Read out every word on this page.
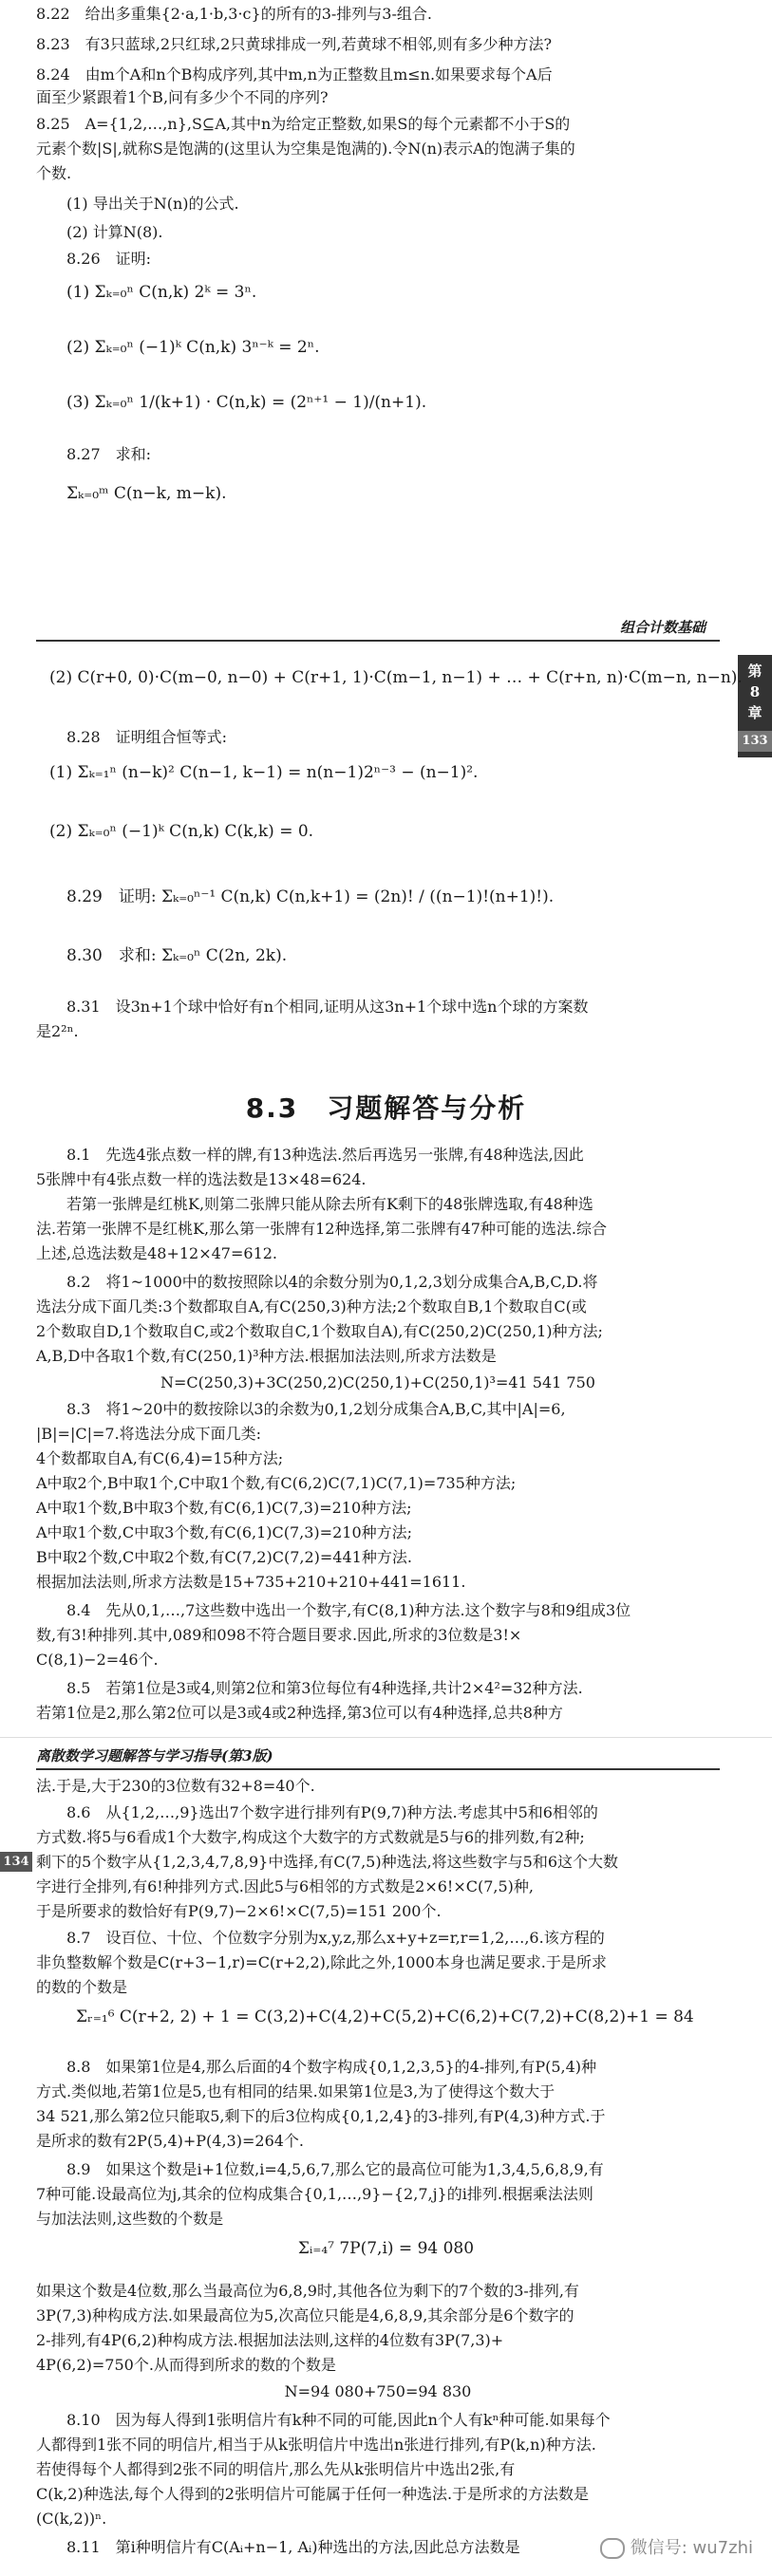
8.22　给出多重集{2·a,1·b,3·c}的所有的3-排列与3-组合.
8.23　有3只蓝球,2只红球,2只黄球排成一列,若黄球不相邻,则有多少种方法?
8.24　由m个A和n个B构成序列,其中m,n为正整数且m≤n.如果要求每个A后
面至少紧跟着1个B,问有多少个不同的序列?
8.25　A={1,2,…,n},S⊆A,其中n为给定正整数,如果S的每个元素都不小于S的
元素个数|S|,就称S是饱满的(这里认为空集是饱满的).令N(n)表示A的饱满子集的
个数.
(1) 导出关于N(n)的公式.
(2) 计算N(8).
8.26　证明:
(1) Σₖ₌₀ⁿ C(n,k) 2ᵏ = 3ⁿ.
(2) Σₖ₌₀ⁿ (−1)ᵏ C(n,k) 3ⁿ⁻ᵏ = 2ⁿ.
(3) Σₖ₌₀ⁿ 1/(k+1) · C(n,k) = (2ⁿ⁺¹ − 1)/(n+1).
8.27　求和:
Σₖ₌₀ᵐ C(n−k, m−k).
组合计数基础
第
8
章
133
(2) C(r+0, 0)·C(m−0, n−0) + C(r+1, 1)·C(m−1, n−1) + … + C(r+n, n)·C(m−n, n−n).
8.28　证明组合恒等式:
(1) Σₖ₌₁ⁿ (n−k)² C(n−1, k−1) = n(n−1)2ⁿ⁻³ − (n−1)².
(2) Σₖ₌₀ⁿ (−1)ᵏ C(n,k) C(k,k) = 0.
8.29　证明: Σₖ₌₀ⁿ⁻¹ C(n,k) C(n,k+1) = (2n)! / ((n−1)!(n+1)!).
8.30　求和: Σₖ₌₀ⁿ C(2n, 2k).
8.31　设3n+1个球中恰好有n个相同,证明从这3n+1个球中选n个球的方案数
是2²ⁿ.
8.3　习题解答与分析
8.1　先选4张点数一样的牌,有13种选法.然后再选另一张牌,有48种选法,因此
5张牌中有4张点数一样的选法数是13×48=624.
　　若第一张牌是红桃K,则第二张牌只能从除去所有K剩下的48张牌选取,有48种选
法.若第一张牌不是红桃K,那么第一张牌有12种选择,第二张牌有47种可能的选法.综合
上述,总选法数是48+12×47=612.
8.2　将1~1000中的数按照除以4的余数分别为0,1,2,3划分成集合A,B,C,D.将
选法分成下面几类:3个数都取自A,有C(250,3)种方法;2个数取自B,1个数取自C(或
2个数取自D,1个数取自C,或2个数取自C,1个数取自A),有C(250,2)C(250,1)种方法;
A,B,D中各取1个数,有C(250,1)³种方法.根据加法法则,所求方法数是
N=C(250,3)+3C(250,2)C(250,1)+C(250,1)³=41 541 750
8.3　将1~20中的数按除以3的余数为0,1,2划分成集合A,B,C,其中|A|=6,
|B|=|C|=7.将选法分成下面几类:
4个数都取自A,有C(6,4)=15种方法;
A中取2个,B中取1个,C中取1个数,有C(6,2)C(7,1)C(7,1)=735种方法;
A中取1个数,B中取3个数,有C(6,1)C(7,3)=210种方法;
A中取1个数,C中取3个数,有C(6,1)C(7,3)=210种方法;
B中取2个数,C中取2个数,有C(7,2)C(7,2)=441种方法.
根据加法法则,所求方法数是15+735+210+210+441=1611.
8.4　先从0,1,…,7这些数中选出一个数字,有C(8,1)种方法.这个数字与8和9组成3位
数,有3!种排列.其中,089和098不符合题目要求.因此,所求的3位数是3!×
C(8,1)−2=46个.
8.5　若第1位是3或4,则第2位和第3位每位有4种选择,共计2×4²=32种方法.
若第1位是2,那么第2位可以是3或4或2种选择,第3位可以有4种选择,总共8种方
离散数学习题解答与学习指导(第3版)
134
法.于是,大于230的3位数有32+8=40个.
8.6　从{1,2,…,9}选出7个数字进行排列有P(9,7)种方法.考虑其中5和6相邻的
方式数.将5与6看成1个大数字,构成这个大数字的方式数就是5与6的排列数,有2种;
剩下的5个数字从{1,2,3,4,7,8,9}中选择,有C(7,5)种选法,将这些数字与5和6这个大数
字进行全排列,有6!种排列方式.因此5与6相邻的方式数是2×6!×C(7,5)种,
于是所要求的数恰好有P(9,7)−2×6!×C(7,5)=151 200个.
8.7　设百位、十位、个位数字分别为x,y,z,那么x+y+z=r,r=1,2,…,6.该方程的
非负整数解个数是C(r+3−1,r)=C(r+2,2),除此之外,1000本身也满足要求.于是所求
的数的个数是
Σᵣ₌₁⁶ C(r+2, 2) + 1 = C(3,2)+C(4,2)+C(5,2)+C(6,2)+C(7,2)+C(8,2)+1 = 84
8.8　如果第1位是4,那么后面的4个数字构成{0,1,2,3,5}的4-排列,有P(5,4)种
方式.类似地,若第1位是5,也有相同的结果.如果第1位是3,为了使得这个数大于
34 521,那么第2位只能取5,剩下的后3位构成{0,1,2,4}的3-排列,有P(4,3)种方式.于
是所求的数有2P(5,4)+P(4,3)=264个.
8.9　如果这个数是i+1位数,i=4,5,6,7,那么它的最高位可能为1,3,4,5,6,8,9,有
7种可能.设最高位为j,其余的位构成集合{0,1,…,9}−{2,7,j}的i排列.根据乘法法则
与加法法则,这些数的个数是
Σᵢ₌₄⁷ 7P(7,i) = 94 080
如果这个数是4位数,那么当最高位为6,8,9时,其他各位为剩下的7个数的3-排列,有
3P(7,3)种构成方法.如果最高位为5,次高位只能是4,6,8,9,其余部分是6个数字的
2-排列,有4P(6,2)种构成方法.根据加法法则,这样的4位数有3P(7,3)+
4P(6,2)=750个.从而得到所求的数的个数是
N=94 080+750=94 830
8.10　因为每人得到1张明信片有k种不同的可能,因此n个人有kⁿ种可能.如果每个
人都得到1张不同的明信片,相当于从k张明信片中选出n张进行排列,有P(k,n)种方法.
若使得每个人都得到2张不同的明信片,那么先从k张明信片中选出2张,有
C(k,2)种选法,每个人得到的2张明信片可能属于任何一种选法.于是所求的方法数是
(C(k,2))ⁿ.
8.11　第i种明信片有C(Aᵢ+n−1, Aᵢ)种选出的方法,因此总方法数是	微信号: wu7zhi
